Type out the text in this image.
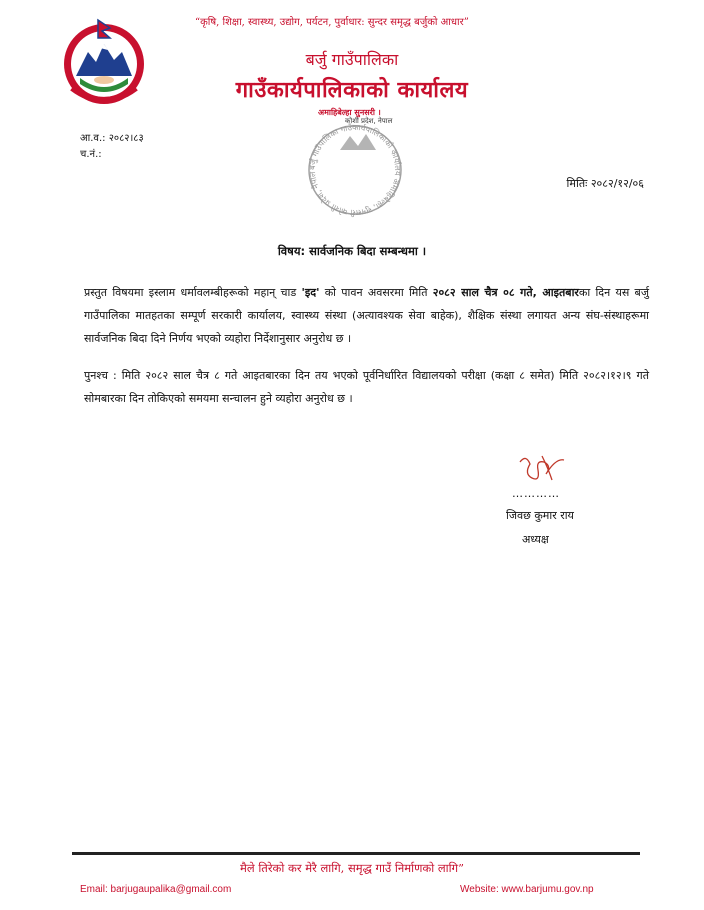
“कृषि, शिक्षा, स्वास्थ्य, उद्योग, पर्यटन, पुर्वाधार: सुन्दर समृद्ध बर्जुको आधार”
बर्जु गाउँपालिका
गाउँकार्यपालिकाको कार्यालय
अमाहिबेल्हा सुनसरी ।
कोशी प्रदेश, नेपाल
बर्जु गाउँपालिका गाउँकार्यपालिकाको कार्यालय अमाहिबेल्हा, सुनसरी कोशी प्रदेश, नेपाल
आ.व.: २०८२।८३
च.नं.:
मितिः २०८२/१२/०६
विषय: सार्वजनिक बिदा सम्बन्धमा ।
प्रस्तुत विषयमा इस्लाम धर्मावलम्बीहरूको महान् चाड 'इद' को पावन अवसरमा मिति २०८२ साल चैत्र ०८ गते, आइतबारका दिन यस बर्जु गाउँपालिका मातहतका सम्पूर्ण सरकारी कार्यालय, स्वास्थ्य संस्था (अत्यावश्यक सेवा बाहेक), शैक्षिक संस्था लगायत अन्य संघ-संस्थाहरूमा सार्वजनिक बिदा दिने निर्णय भएको व्यहोरा निर्देशानुसार अनुरोध छ ।
पुनश्च : मिति २०८२ साल चैत्र ८ गते आइतबारका दिन तय भएको पूर्वनिर्धारित विद्यालयको परीक्षा (कक्षा ८ समेत) मिति २०८२।१२।९ गते सोमबारका दिन तोकिएको समयमा सन्चालन हुने व्यहोरा अनुरोध छ ।
…………
जिवछ कुमार राय
अध्यक्ष
मैले तिरेको कर मेरै लागि, समृद्ध गाउँ निर्माणको लागि”
Email: barjugaupalika@gmail.com	Website: www.barjumu.gov.np
